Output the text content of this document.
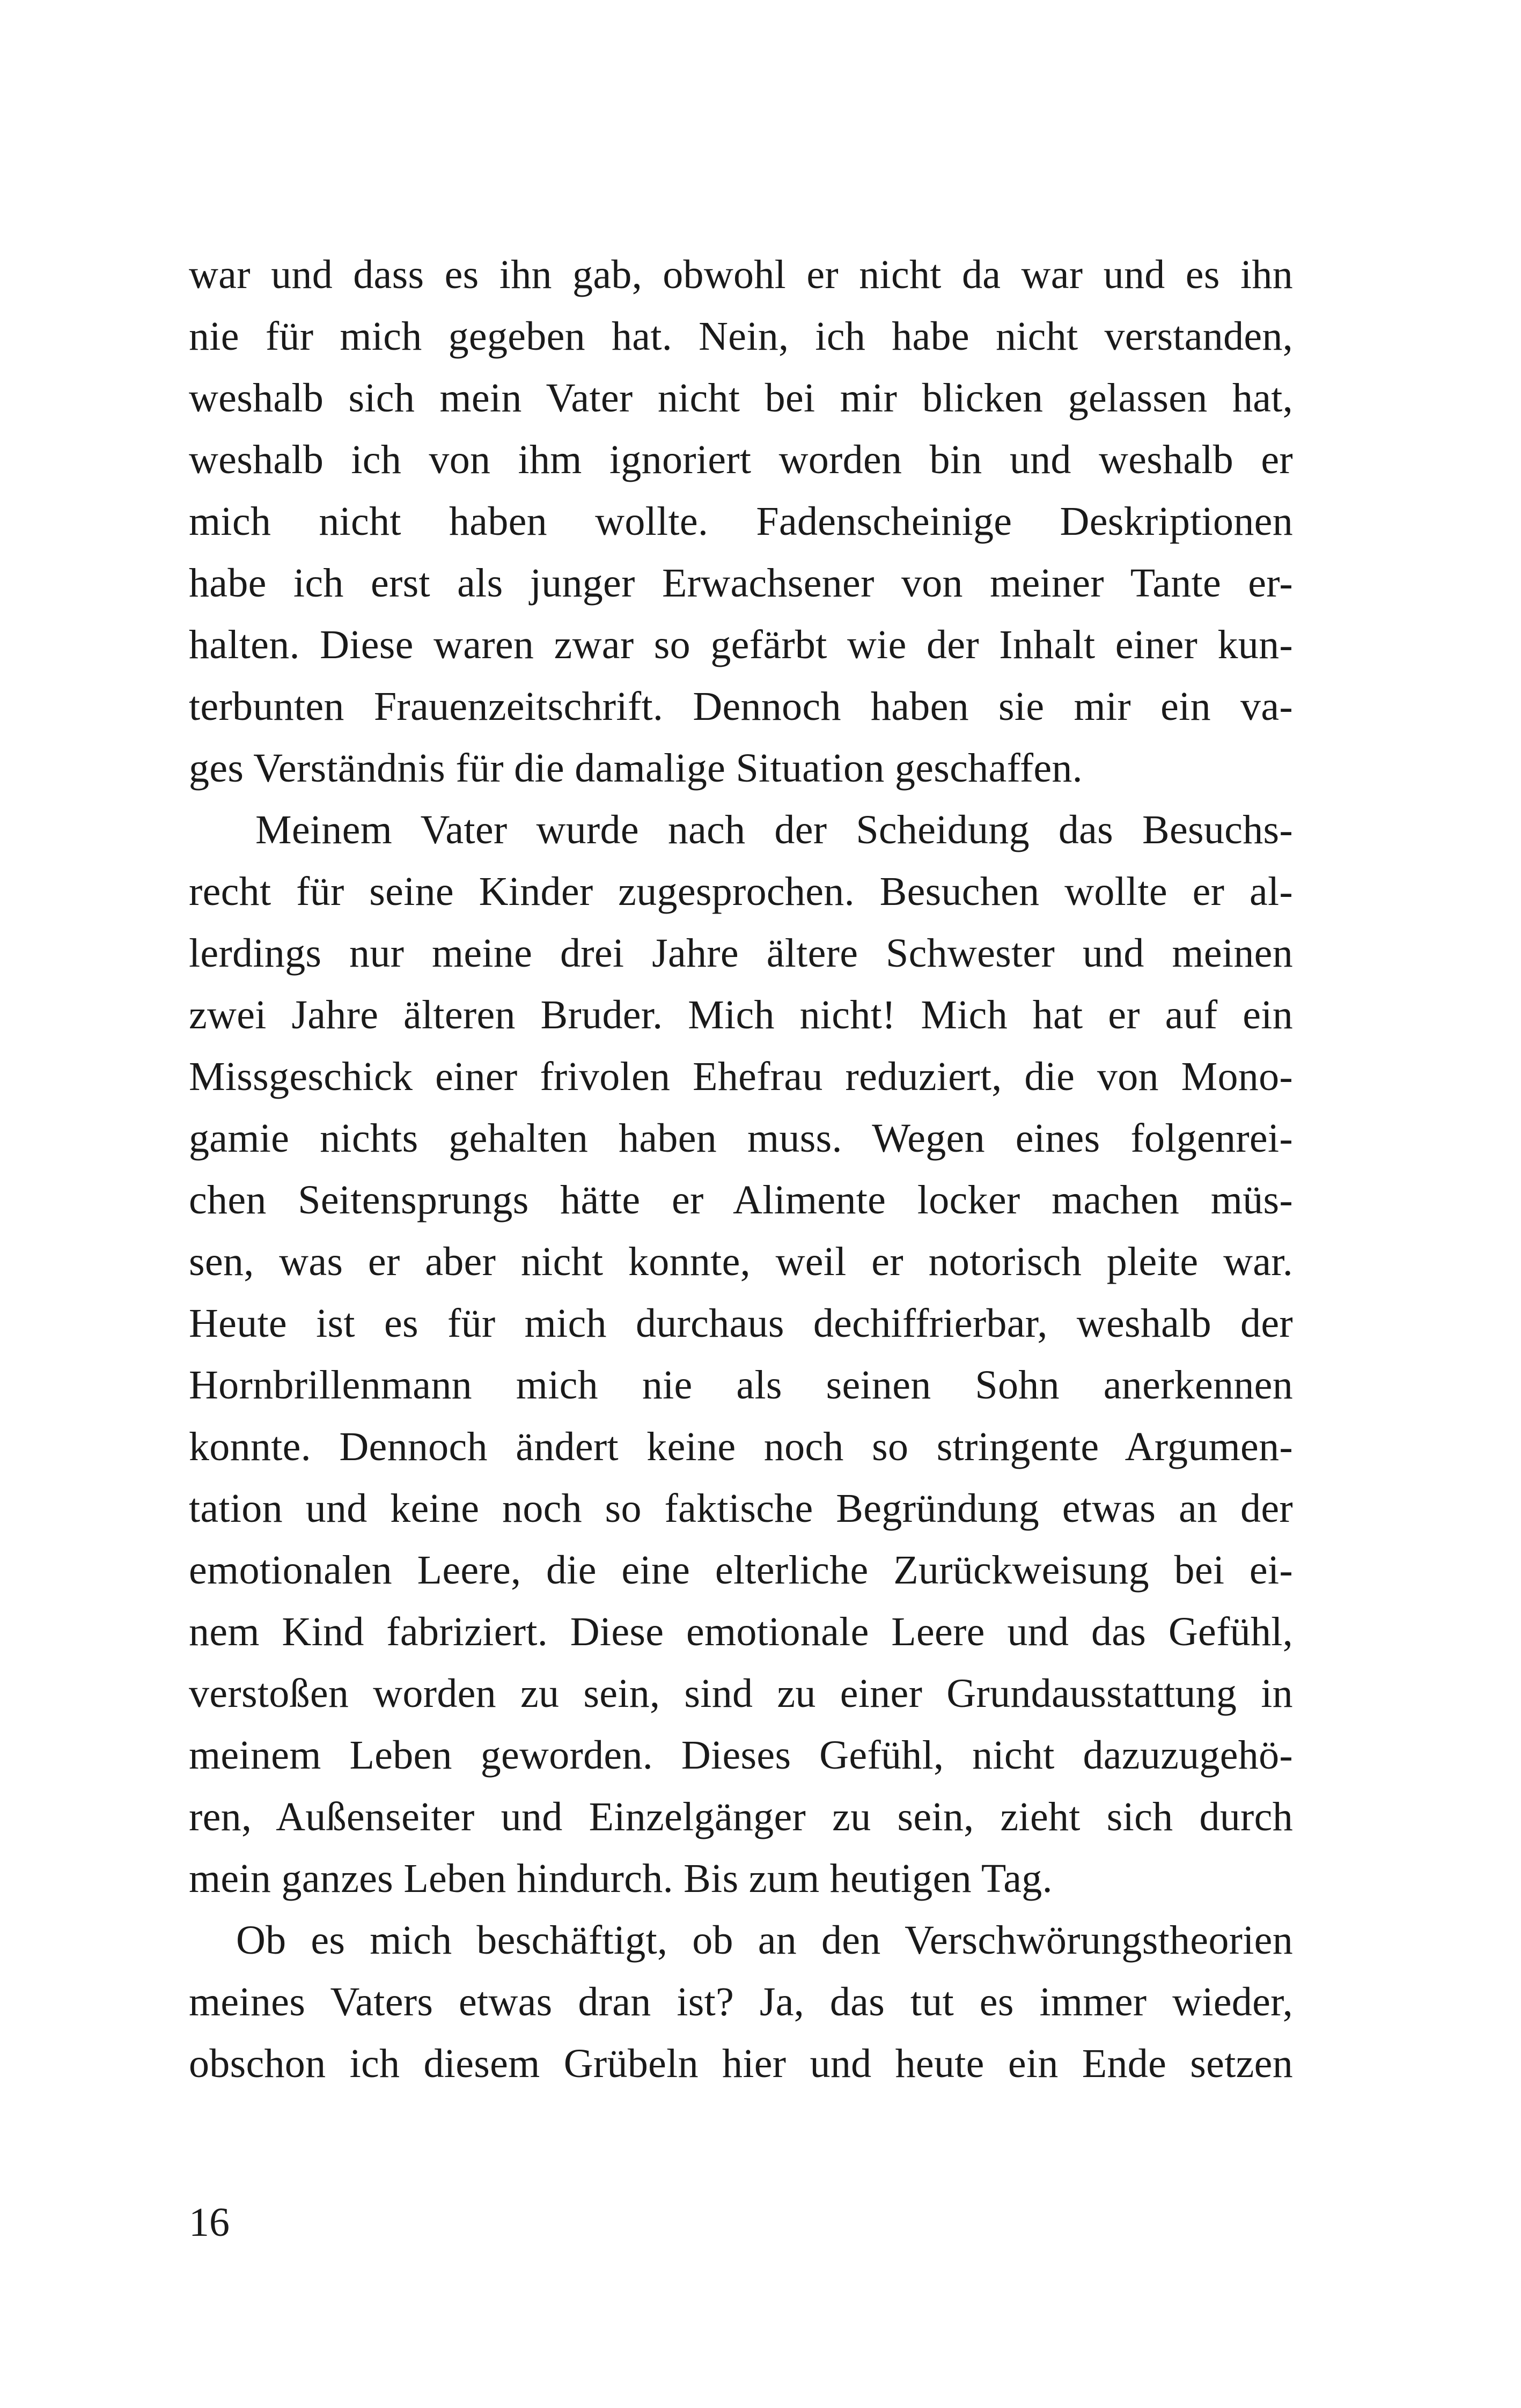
war und dass es ihn gab, obwohl er nicht da war und es ihn
nie für mich gegeben hat. Nein, ich habe nicht verstanden,
weshalb sich mein Vater nicht bei mir blicken gelassen hat,
weshalb ich von ihm ignoriert worden bin und weshalb er
mich nicht haben wollte. Fadenscheinige Deskriptionen
habe ich erst als junger Erwachsener von meiner Tante er-
halten. Diese waren zwar so gefärbt wie der Inhalt einer kun-
terbunten Frauenzeitschrift. Dennoch haben sie mir ein va-
ges Verständnis für die damalige Situation geschaffen.
Meinem Vater wurde nach der Scheidung das Besuchs-
recht für seine Kinder zugesprochen. Besuchen wollte er al-
lerdings nur meine drei Jahre ältere Schwester und meinen
zwei Jahre älteren Bruder. Mich nicht! Mich hat er auf ein
Missgeschick einer frivolen Ehefrau reduziert, die von Mono-
gamie nichts gehalten haben muss. Wegen eines folgenrei-
chen Seitensprungs hätte er Alimente locker machen müs-
sen, was er aber nicht konnte, weil er notorisch pleite war.
Heute ist es für mich durchaus dechiffrierbar, weshalb der
Hornbrillenmann mich nie als seinen Sohn anerkennen
konnte. Dennoch ändert keine noch so stringente Argumen-
tation und keine noch so faktische Begründung etwas an der
emotionalen Leere, die eine elterliche Zurückweisung bei ei-
nem Kind fabriziert. Diese emotionale Leere und das Gefühl,
verstoßen worden zu sein, sind zu einer Grundausstattung in
meinem Leben geworden. Dieses Gefühl, nicht dazuzugehö-
ren, Außenseiter und Einzelgänger zu sein, zieht sich durch
mein ganzes Leben hindurch. Bis zum heutigen Tag.
Ob es mich beschäftigt, ob an den Verschwörungstheorien
meines Vaters etwas dran ist? Ja, das tut es immer wieder,
obschon ich diesem Grübeln hier und heute ein Ende setzen
16
